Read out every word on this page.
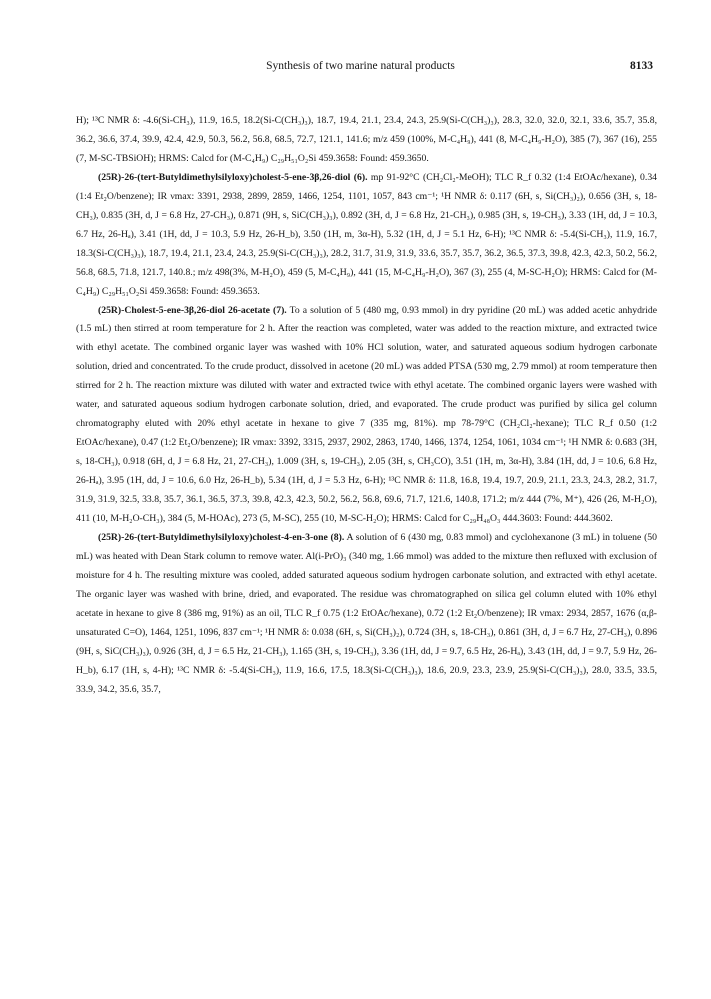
Synthesis of two marine natural products	8133

H); ¹³C NMR δ: -4.6(Si-CH₃), 11.9, 16.5, 18.2(Si-C(CH₃)₃), 18.7, 19.4, 21.1, 23.4, 24.3, 25.9(Si-C(CH₃)₃), 28.3, 32.0, 32.0, 32.1, 33.6, 35.7, 35.8, 36.2, 36.6, 37.4, 39.9, 42.4, 42.9, 50.3, 56.2, 56.8, 68.5, 72.7, 121.1, 141.6; m/z 459 (100%, M-C₄H₉), 441 (8, M-C₄H₉-H₂O), 385 (7), 367 (16), 255 (7, M-SC-TBSiOH); HRMS: Calcd for (M-C₄H₉) C₂₉H₅₁O₂Si 459.3658: Found: 459.3650.

(25R)-26-(tert-Butyldimethylsilyloxy)cholest-5-ene-3β,26-diol (6). mp 91-92°C (CH₂Cl₂-MeOH); TLC R_f 0.32 (1:4 EtOAc/hexane), 0.34 (1:4 Et₂O/benzene); IR νmax: 3391, 2938, 2899, 2859, 1466, 1254, 1101, 1057, 843 cm⁻¹; ¹H NMR δ: 0.117 (6H, s, Si(CH₃)₂), 0.656 (3H, s, 18-CH₃), 0.835 (3H, d, J = 6.8 Hz, 27-CH₃), 0.871 (9H, s, SiC(CH₃)₃), 0.892 (3H, d, J = 6.8 Hz, 21-CH₃), 0.985 (3H, s, 19-CH₃), 3.33 (1H, dd, J = 10.3, 6.7 Hz, 26-Hₐ), 3.41 (1H, dd, J = 10.3, 5.9 Hz, 26-H_b), 3.50 (1H, m, 3α-H), 5.32 (1H, d, J = 5.1 Hz, 6-H); ¹³C NMR δ: -5.4(Si-CH₃), 11.9, 16.7, 18.3(Si-C(CH₃)₃), 18.7, 19.4, 21.1, 23.4, 24.3, 25.9(Si-C(CH₃)₃), 28.2, 31.7, 31.9, 31.9, 33.6, 35.7, 35.7, 36.2, 36.5, 37.3, 39.8, 42.3, 42.3, 50.2, 56.2, 56.8, 68.5, 71.8, 121.7, 140.8.; m/z 498(3%, M-H₂O), 459 (5, M-C₄H₉), 441 (15, M-C₄H₉-H₂O), 367 (3), 255 (4, M-SC-H₂O); HRMS: Calcd for (M-C₄H₉) C₂₉H₅₁O₂Si 459.3658: Found: 459.3653.

(25R)-Cholest-5-ene-3β,26-diol 26-acetate (7). To a solution of 5 (480 mg, 0.93 mmol) in dry pyridine (20 mL) was added acetic anhydride (1.5 mL) then stirred at room temperature for 2 h. After the reaction was completed, water was added to the reaction mixture, and extracted twice with ethyl acetate. The combined organic layer was washed with 10% HCl solution, water, and saturated aqueous sodium hydrogen carbonate solution, dried and concentrated. To the crude product, dissolved in acetone (20 mL) was added PTSA (530 mg, 2.79 mmol) at room temperature then stirred for 2 h. The reaction mixture was diluted with water and extracted twice with ethyl acetate. The combined organic layers were washed with water, and saturated aqueous sodium hydrogen carbonate solution, dried, and evaporated. The crude product was purified by silica gel column chromatography eluted with 20% ethyl acetate in hexane to give 7 (335 mg, 81%). mp 78-79°C (CH₂Cl₂-hexane); TLC R_f 0.50 (1:2 EtOAc/hexane), 0.47 (1:2 Et₂O/benzene); IR νmax: 3392, 3315, 2937, 2902, 2863, 1740, 1466, 1374, 1254, 1061, 1034 cm⁻¹; ¹H NMR δ: 0.683 (3H, s, 18-CH₃), 0.918 (6H, d, J = 6.8 Hz, 21, 27-CH₃), 1.009 (3H, s, 19-CH₃), 2.05 (3H, s, CH₃CO), 3.51 (1H, m, 3α-H), 3.84 (1H, dd, J = 10.6, 6.8 Hz, 26-Hₐ), 3.95 (1H, dd, J = 10.6, 6.0 Hz, 26-H_b), 5.34 (1H, d, J = 5.3 Hz, 6-H); ¹³C NMR δ: 11.8, 16.8, 19.4, 19.7, 20.9, 21.1, 23.3, 24.3, 28.2, 31.7, 31.9, 31.9, 32.5, 33.8, 35.7, 36.1, 36.5, 37.3, 39.8, 42.3, 42.3, 50.2, 56.2, 56.8, 69.6, 71.7, 121.6, 140.8, 171.2; m/z 444 (7%, M⁺), 426 (26, M-H₂O), 411 (10, M-H₂O-CH₃), 384 (5, M-HOAc), 273 (5, M-SC), 255 (10, M-SC-H₂O); HRMS: Calcd for C₂₉H₄₈O₃ 444.3603: Found: 444.3602.

(25R)-26-(tert-Butyldimethylsilyloxy)cholest-4-en-3-one (8). A solution of 6 (430 mg, 0.83 mmol) and cyclohexanone (3 mL) in toluene (50 mL) was heated with Dean Stark column to remove water. Al(i-PrO)₃ (340 mg, 1.66 mmol) was added to the mixture then refluxed with exclusion of moisture for 4 h. The resulting mixture was cooled, added saturated aqueous sodium hydrogen carbonate solution, and extracted with ethyl acetate. The organic layer was washed with brine, dried, and evaporated. The residue was chromatographed on silica gel column eluted with 10% ethyl acetate in hexane to give 8 (386 mg, 91%) as an oil, TLC R_f 0.75 (1:2 EtOAc/hexane), 0.72 (1:2 Et₂O/benzene); IR νmax: 2934, 2857, 1676 (α,β-unsaturated C=O), 1464, 1251, 1096, 837 cm⁻¹; ¹H NMR δ: 0.038 (6H, s, Si(CH₃)₂), 0.724 (3H, s, 18-CH₃), 0.861 (3H, d, J = 6.7 Hz, 27-CH₃), 0.896 (9H, s, SiC(CH₃)₃), 0.926 (3H, d, J = 6.5 Hz, 21-CH₃), 1.165 (3H, s, 19-CH₃), 3.36 (1H, dd, J = 9.7, 6.5 Hz, 26-Hₐ), 3.43 (1H, dd, J = 9.7, 5.9 Hz, 26-H_b), 6.17 (1H, s, 4-H); ¹³C NMR δ: -5.4(Si-CH₃), 11.9, 16.6, 17.5, 18.3(Si-C(CH₃)₃), 18.6, 20.9, 23.3, 23.9, 25.9(Si-C(CH₃)₃), 28.0, 33.5, 33.5, 33.9, 34.2, 35.6, 35.7,
